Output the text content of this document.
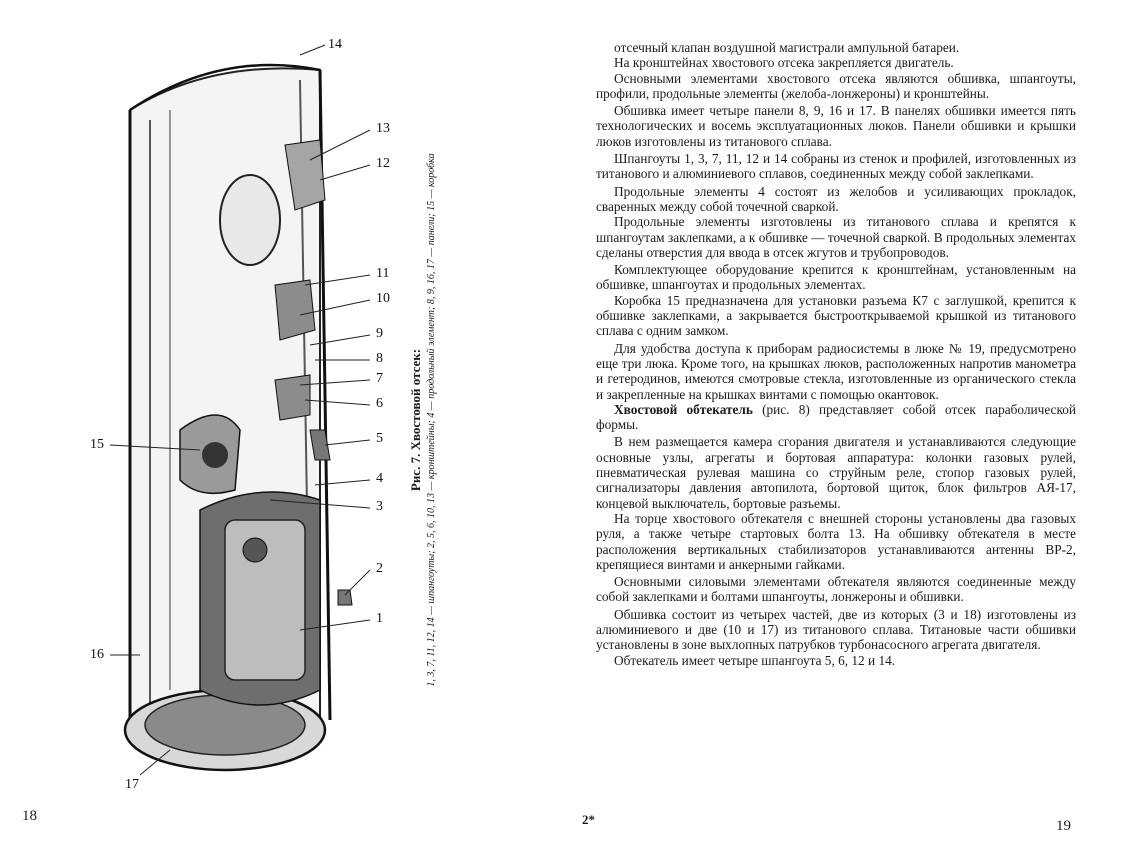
1
2
3
4
5
6
7
8
9
10
11
12
13
14
15
16
17

Рис. 7. Хвостовой отсек: 1, 3, 7, 11, 12, 14 — шпангоуты; 2, 5, 6, 10, 13 — кронштейны; 4 — продольный элемент; 8, 9, 16, 17 — панели; 15 — коробка

18

отсечный клапан воздушной магистрали ампульной батареи.

На кронштейнах хвостового отсека закрепляется двигатель.

Основными элементами хвостового отсека являются обшивка, шпангоуты, профили, продольные элементы (желоба-лонжероны) и кронштейны.

Обшивка имеет четыре панели 8, 9, 16 и 17. В панелях обшивки имеется пять технологических и восемь эксплуатационных люков. Панели обшивки и крышки люков изготовлены из титанового сплава.

Шпангоуты 1, 3, 7, 11, 12 и 14 собраны из стенок и профилей, изготовленных из титанового и алюминиевого сплавов, соединенных между собой заклепками.

Продольные элементы 4 состоят из желобов и усиливающих прокладок, сваренных между собой точечной сваркой.

Продольные элементы изготовлены из титанового сплава и крепятся к шпангоутам заклепками, а к обшивке — точечной сваркой. В продольных элементах сделаны отверстия для ввода в отсек жгутов и трубопроводов.

Комплектующее оборудование крепится к кронштейнам, установленным на обшивке, шпангоутах и продольных элементах.

Коробка 15 предназначена для установки разъема К7 с заглушкой, крепится к обшивке заклепками, а закрывается быстрооткрываемой крышкой из титанового сплава с одним замком.

Для удобства доступа к приборам радиосистемы в люке № 19, предусмотрено еще три люка. Кроме того, на крышках люков, расположенных напротив манометра и гетеродинов, имеются смотровые стекла, изготовленные из органического стекла и закрепленные на крышках винтами с помощью окантовок.

Хвостовой обтекатель (рис. 8) представляет собой отсек параболической формы.

В нем размещается камера сгорания двигателя и устанавливаются следующие основные узлы, агрегаты и бортовая аппаратура: колонки газовых рулей, пневматическая рулевая машина со струйным реле, стопор газовых рулей, сигнализаторы давления автопилота, бортовой щиток, блок фильтров АЯ-17, концевой выключатель, бортовые разъемы.

На торце хвостового обтекателя с внешней стороны установлены два газовых руля, а также четыре стартовых болта 13. На обшивку обтекателя в месте расположения вертикальных стабилизаторов устанавливаются антенны ВР-2, крепящиеся винтами и анкерными гайками.

Основными силовыми элементами обтекателя являются соединенные между собой заклепками и болтами шпангоуты, лонжероны и обшивки.

Обшивка состоит из четырех частей, две из которых (3 и 18) изготовлены из алюминиевого и две (10 и 17) из титанового сплава. Титановые части обшивки установлены в зоне выхлопных патрубков турбонасосного агрегата двигателя.

Обтекатель имеет четыре шпангоута 5, 6, 12 и 14.

2*	19
